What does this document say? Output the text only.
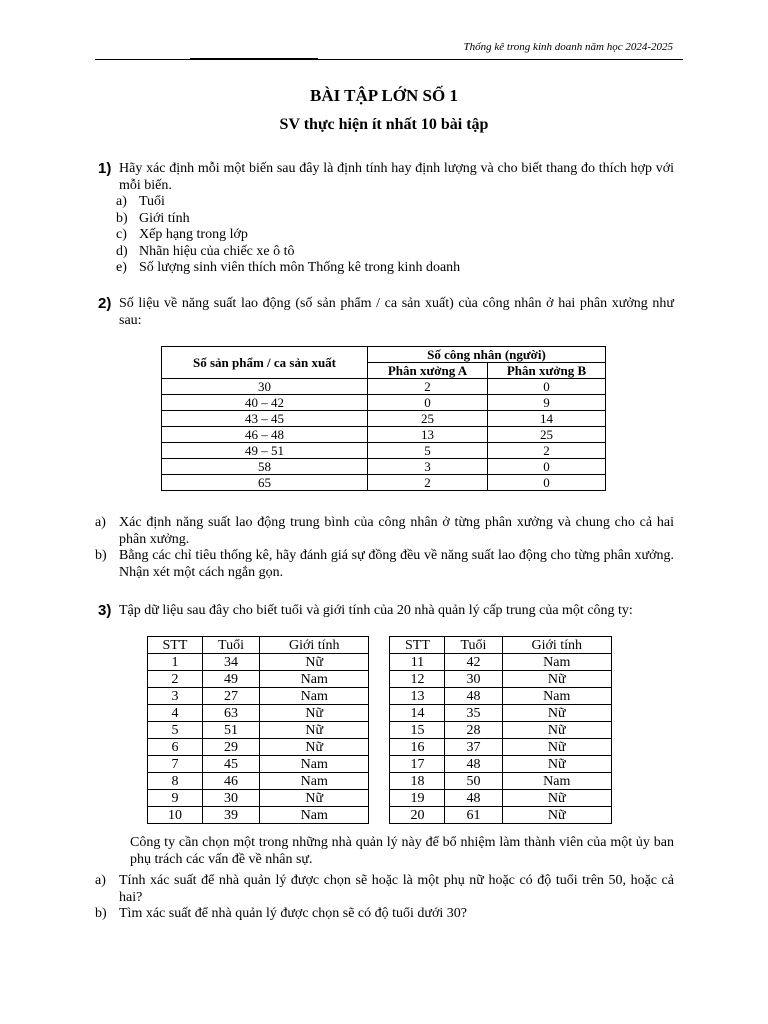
Thống kê trong kinh doanh năm học 2024-2025
BÀI TẬP LỚN SỐ 1
SV thực hiện ít nhất 10 bài tập
1) Hãy xác định mỗi một biến sau đây là định tính hay định lượng và cho biết thang đo thích hợp với mỗi biến.
a) Tuổi
b) Giới tính
c) Xếp hạng trong lớp
d) Nhãn hiệu của chiếc xe ô tô
e) Số lượng sinh viên thích môn Thống kê trong kinh doanh
2) Số liệu về năng suất lao động (số sản phẩm / ca sản xuất) của công nhân ở hai phân xưởng như sau:
Số sản phẩm / ca sản xuất	Số công nhân (người)	
	Phân xưởng A	Phân xưởng B
30	2	0
40 – 42	0	9
43 – 45	25	14
46 – 48	13	25
49 – 51	5	2
58	3	0
65	2	0
a) Xác định năng suất lao động trung bình của công nhân ở từng phân xưởng và chung cho cả hai phân xưởng.
b) Bằng các chỉ tiêu thống kê, hãy đánh giá sự đồng đều về năng suất lao động cho từng phân xưởng. Nhận xét một cách ngắn gọn.
3) Tập dữ liệu sau đây cho biết tuổi và giới tính của 20 nhà quản lý cấp trung của một công ty:
STT	Tuổi	Giới tính		STT	Tuổi	Giới tính
1	34	Nữ		11	42	Nam
2	49	Nam		12	30	Nữ
3	27	Nam		13	48	Nam
4	63	Nữ		14	35	Nữ
5	51	Nữ		15	28	Nữ
6	29	Nữ		16	37	Nữ
7	45	Nam		17	48	Nữ
8	46	Nam		18	50	Nam
9	30	Nữ		19	48	Nữ
10	39	Nam		20	61	Nữ
Công ty cần chọn một trong những nhà quản lý này để bổ nhiệm làm thành viên của một ủy ban phụ trách các vấn đề về nhân sự.
a) Tính xác suất để nhà quản lý được chọn sẽ hoặc là một phụ nữ hoặc có độ tuổi trên 50, hoặc cả hai?
b) Tìm xác suất để nhà quản lý được chọn sẽ có độ tuổi dưới 30?
